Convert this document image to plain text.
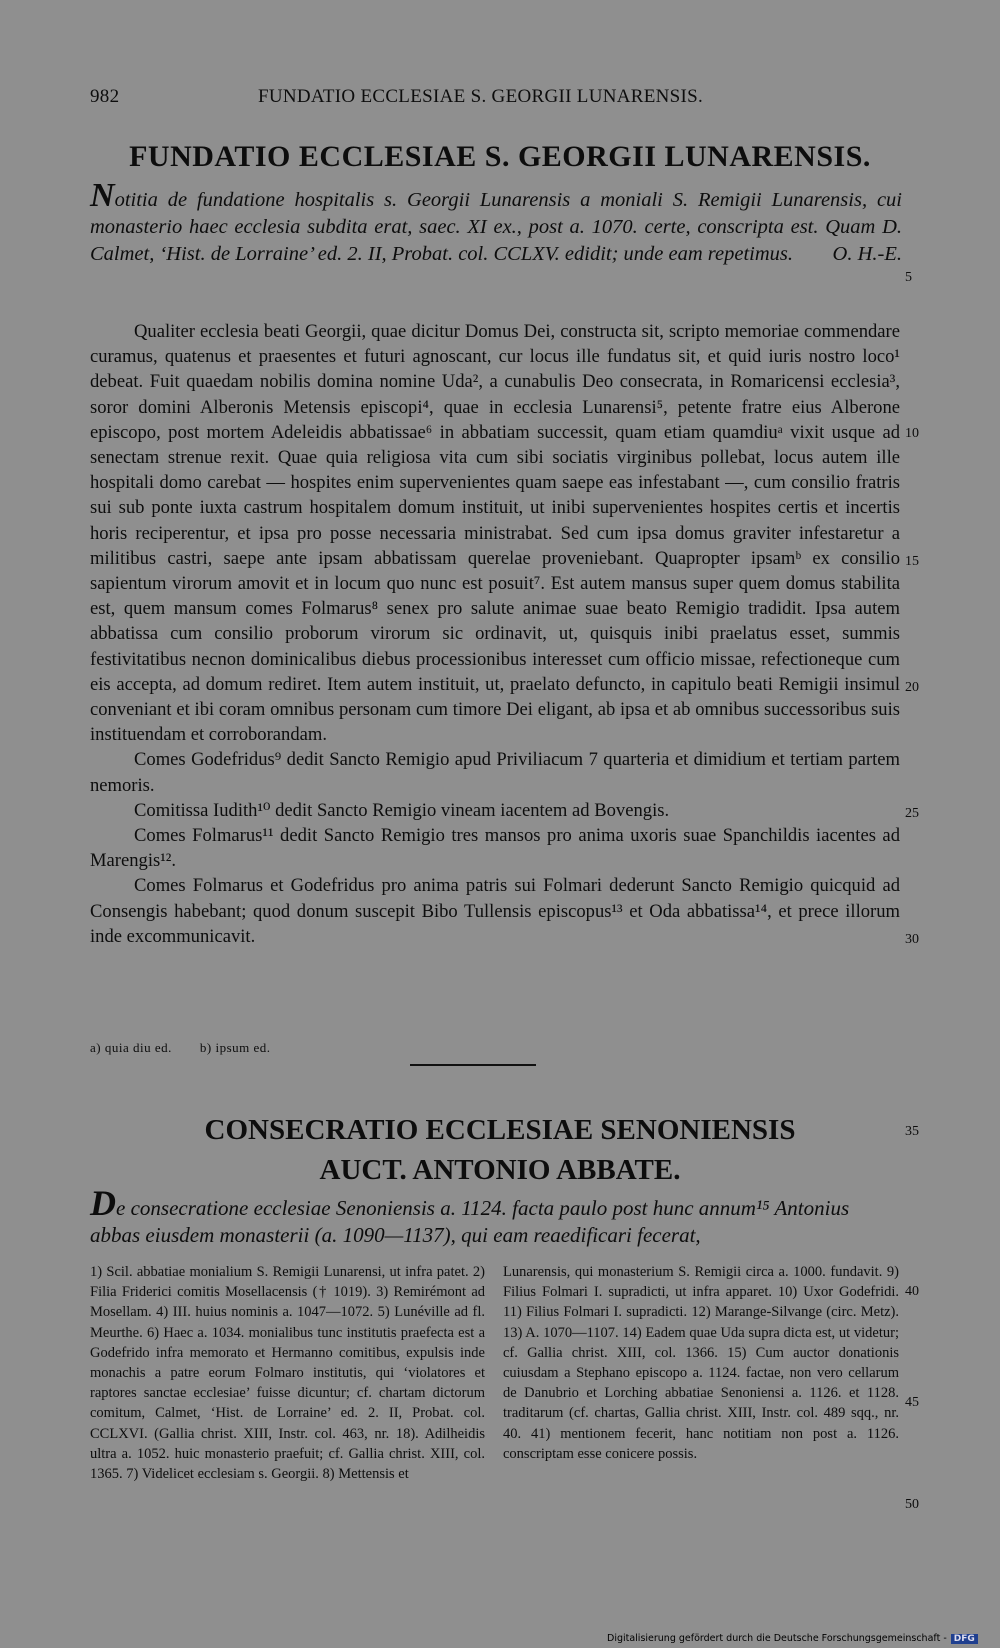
982	FUNDATIO ECCLESIAE S. GEORGII LUNARENSIS.
FUNDATIO ECCLESIAE S. GEORGII LUNARENSIS.
Notitia de fundatione hospitalis s. Georgii Lunarensis a moniali S. Remigii Lunarensis, cui monasterio haec ecclesia subdita erat, saec. XI ex., post a. 1070. certe, conscripta est. Quam D. Calmet, ‘Hist. de Lorraine’ ed. 2. II, Probat. col. CCLXV. edidit; unde eam repetimus. O. H.-E.

Qualiter ecclesia beati Georgii, quae dicitur Domus Dei, constructa sit, scripto memoriae commendare curamus, quatenus et praesentes et futuri agnoscant, cur locus ille fundatus sit, et quid iuris nostro loco¹ debeat. Fuit quaedam nobilis domina nomine Uda², a cunabulis Deo consecrata, in Romaricensi ecclesia³, soror domini Alberonis Metensis episcopi⁴, quae in ecclesia Lunarensi⁵, petente fratre eius Alberone episcopo, post mortem Adeleidis abbatissae⁶ in abbatiam successit, quam etiam quamdiuᵃ vixit usque ad senectam strenue rexit. Quae quia religiosa vita cum sibi sociatis virginibus pollebat, locus autem ille hospitali domo carebat — hospites enim supervenientes quam saepe eas infestabant —, cum consilio fratris sui sub ponte iuxta castrum hospitalem domum instituit, ut inibi supervenientes hospites certis et incertis horis reciperentur, et ipsa pro posse necessaria ministrabat. Sed cum ipsa domus graviter infestaretur a militibus castri, saepe ante ipsam abbatissam querelae proveniebant. Quapropter ipsamᵇ ex consilio sapientum virorum amovit et in locum quo nunc est posuit⁷. Est autem mansus super quem domus stabilita est, quem mansum comes Folmarus⁸ senex pro salute animae suae beato Remigio tradidit. Ipsa autem abbatissa cum consilio proborum virorum sic ordinavit, ut, quisquis inibi praelatus esset, summis festivitatibus necnon dominicalibus diebus processionibus interesset cum officio missae, refectioneque cum eis accepta, ad domum rediret. Item autem instituit, ut, praelato defuncto, in capitulo beati Remigii insimul conveniant et ibi coram omnibus personam cum timore Dei eligant, ab ipsa et ab omnibus successoribus suis instituendam et corroborandam.

Comes Godefridus⁹ dedit Sancto Remigio apud Priviliacum 7 quarteria et dimidium et tertiam partem nemoris.

Comitissa Iudith¹⁰ dedit Sancto Remigio vineam iacentem ad Bovengis.

Comes Folmarus¹¹ dedit Sancto Remigio tres mansos pro anima uxoris suae Spanchildis iacentes ad Marengis¹².

Comes Folmarus et Godefridus pro anima patris sui Folmari dederunt Sancto Remigio quicquid ad Consengis habebant; quod donum suscepit Bibo Tullensis episcopus¹³ et Oda abbatissa¹⁴, et prece illorum inde excommunicavit.

5
10
15
20
25
30
35
40
45
50
a) quia diu ed. b) ipsum ed.
CONSECRATIO ECCLESIAE SENONIENSIS
AUCT. ANTONIO ABBATE.
De consecratione ecclesiae Senoniensis a. 1124. facta paulo post hunc annum¹⁵ Antonius abbas eiusdem monasterii (a. 1090—1137), qui eam reaedificari fecerat,

1) Scil. abbatiae monialium S. Remigii Lunarensi, ut infra patet. 2) Filia Friderici comitis Mosellacensis († 1019). 3) Remirémont ad Mosellam. 4) III. huius nominis a. 1047—1072. 5) Lunéville ad fl. Meurthe. 6) Haec a. 1034. monialibus tunc institutis praefecta est a Godefrido infra memorato et Hermanno comitibus, expulsis inde monachis a patre eorum Folmaro institutis, qui ‘violatores et raptores sanctae ecclesiae’ fuisse dicuntur; cf. chartam dictorum comitum, Calmet, ‘Hist. de Lorraine’ ed. 2. II, Probat. col. CCLXVI. (Gallia christ. XIII, Instr. col. 463, nr. 18). Adilheidis ultra a. 1052. huic monasterio praefuit; cf. Gallia christ. XIII, col. 1365. 7) Videlicet ecclesiam s. Georgii. 8) Mettensis et

Lunarensis, qui monasterium S. Remigii circa a. 1000. fundavit. 9) Filius Folmari I. supradicti, ut infra apparet. 10) Uxor Godefridi. 11) Filius Folmari I. supradicti. 12) Marange-Silvange (circ. Metz). 13) A. 1070—1107. 14) Eadem quae Uda supra dicta est, ut videtur; cf. Gallia christ. XIII, col. 1366. 15) Cum auctor donationis cuiusdam a Stephano episcopo a. 1124. factae, non vero cellarum de Danubrio et Lorching abbatiae Senoniensi a. 1126. et 1128. traditarum (cf. chartas, Gallia christ. XIII, Instr. col. 489 sqq., nr. 40. 41) mentionem fecerit, hanc notitiam non post a. 1126. conscriptam esse conicere possis.

Digitalisierung gefördert durch die Deutsche Forschungsgemeinschaft - DFG
